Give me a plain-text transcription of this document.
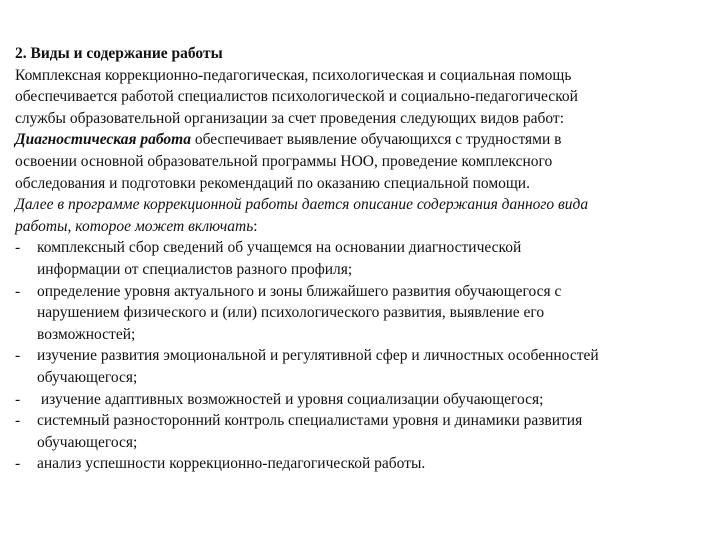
2. Виды и содержание работы
Комплексная коррекционно-педагогическая, психологическая и социальная помощь
обеспечивается работой специалистов психологической и социально-педагогической
службы образовательной организации за счет проведения следующих видов работ:
Диагностическая работа обеспечивает выявление обучающихся с трудностями в
освоении основной образовательной программы НОО, проведение комплексного
обследования и подготовки рекомендаций по оказанию специальной помощи.
Далее в программе коррекционной работы дается описание содержания данного вида
работы, которое может включать:
-	комплексный сбор сведений об учащемся на основании диагностической
информации от специалистов разного профиля;
-	определение уровня актуального и зоны ближайшего развития обучающегося с
нарушением физического и (или) психологического развития, выявление его
возможностей;
-	изучение развития эмоциональной и регулятивной сфер и личностных особенностей
обучающегося;
-	изучение адаптивных возможностей и уровня социализации обучающегося;
-	системный разносторонний контроль специалистами уровня и динамики развития
обучающегося;
-	анализ успешности коррекционно-педагогической работы.
